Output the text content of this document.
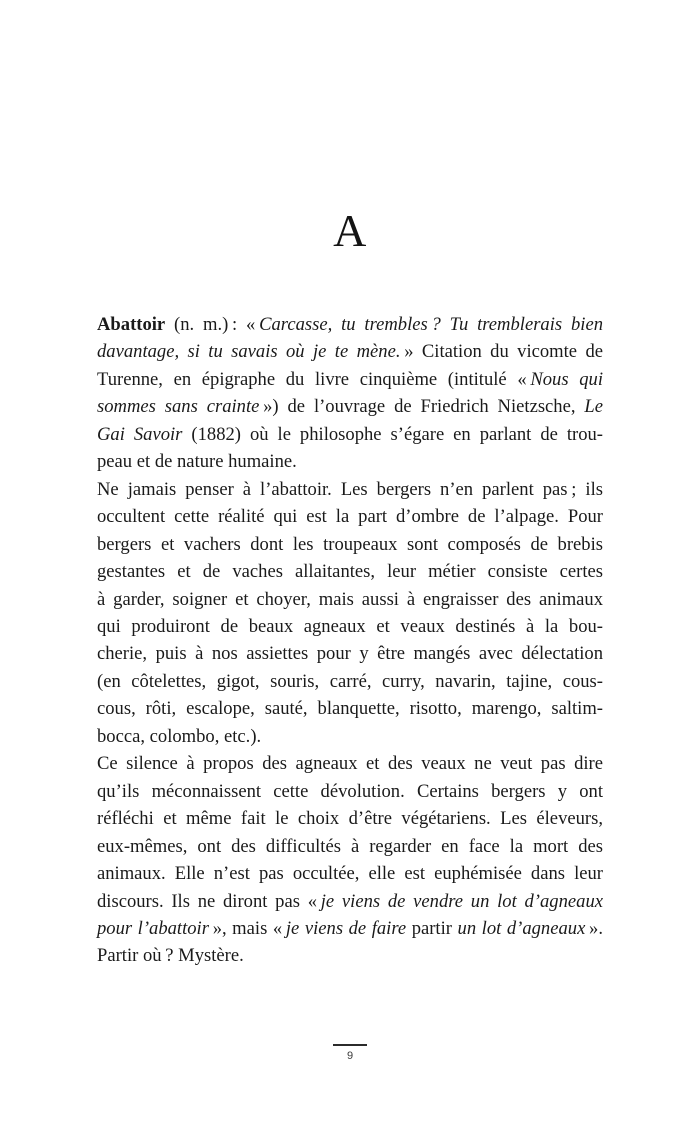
A
Abattoir (n. m.) : « Carcasse, tu trembles ? Tu tremblerais bien
davantage, si tu savais où je te mène. » Citation du vicomte de
Turenne, en épigraphe du livre cinquième (intitulé « Nous qui
sommes sans crainte ») de l’ouvrage de Friedrich Nietzsche, Le
Gai Savoir (1882) où le philosophe s’égare en parlant de trou-
peau et de nature humaine.
Ne jamais penser à l’abattoir. Les bergers n’en parlent pas ; ils
occultent cette réalité qui est la part d’ombre de l’alpage. Pour
bergers et vachers dont les troupeaux sont composés de brebis
gestantes et de vaches allaitantes, leur métier consiste certes
à garder, soigner et choyer, mais aussi à engraisser des animaux
qui produiront de beaux agneaux et veaux destinés à la bou-
cherie, puis à nos assiettes pour y être mangés avec délectation
(en côtelettes, gigot, souris, carré, curry, navarin, tajine, cous-
cous, rôti, escalope, sauté, blanquette, risotto, marengo, saltim-
bocca, colombo, etc.).
Ce silence à propos des agneaux et des veaux ne veut pas dire
qu’ils méconnaissent cette dévolution. Certains bergers y ont
réfléchi et même fait le choix d’être végétariens. Les éleveurs,
eux-mêmes, ont des difficultés à regarder en face la mort des
animaux. Elle n’est pas occultée, elle est euphémisée dans leur
discours. Ils ne diront pas « je viens de vendre un lot d’agneaux
pour l’abattoir », mais « je viens de faire partir un lot d’agneaux ».
Partir où ? Mystère.
9
